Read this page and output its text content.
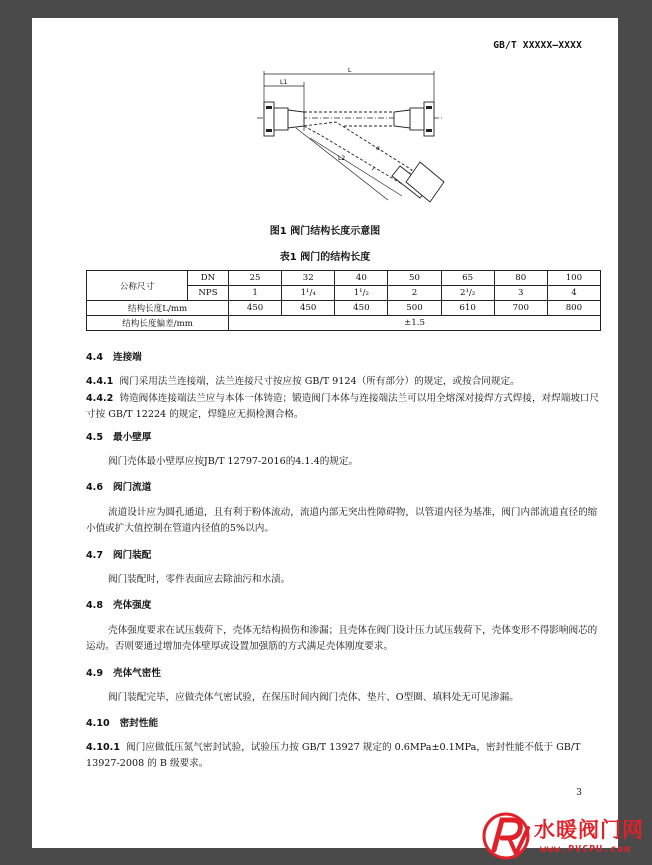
GB/T XXXXX—XXXX
L
L1
L2
α
图1 阀门结构长度示意图
表1 阀门的结构长度
公称尺寸	DN	25	32	40	50	65	80	100
	NPS	1	1¹/₄	1¹/₂	2	2¹/₂	3	4
结构长度L/mm		450	450	450	500	610	700	800
结构长度偏差/mm		±1.5						
4.4 连接端
4.4.1 阀门采用法兰连接端，法兰连接尺寸按应按 GB/T 9124（所有部分）的规定，或按合同规定。
4.4.2 铸造阀体连接端法兰应与本体一体铸造；锻造阀门本体与连接端法兰可以用全熔深对接焊方式焊接，对焊端坡口尺寸按 GB/T 12224 的规定，焊缝应无损检测合格。
4.5 最小壁厚
阀门壳体最小壁厚应按JB/T 12797-2016的4.1.4的规定。
4.6 阀门流道
流道设计应为圆孔通道，且有利于粉体流动，流道内部无突出性障碍物，以管道内径为基准，阀门内部流道直径的缩小值或扩大值控制在管道内径值的5%以内。
4.7 阀门装配
阀门装配时，零件表面应去除油污和水渍。
4.8 壳体强度
壳体强度要求在试压载荷下，壳体无结构损伤和渗漏；且壳体在阀门设计压力试压载荷下，壳体变形不得影响阀芯的运动。否则要通过增加壳体壁厚或设置加强筋的方式满足壳体刚度要求。
4.9 壳体气密性
阀门装配完毕，应做壳体气密试验，在保压时间内阀门壳体、垫片、O型圈、填料处无可见渗漏。
4.10 密封性能
4.10.1 阀门应做低压氮气密封试验，试验压力按 GB/T 13927 规定的 0.6MPa±0.1MPa，密封性能不低于 GB/T 13927-2008 的 B 级要求。
3
水暖阀门网
www.PVCPU.com
